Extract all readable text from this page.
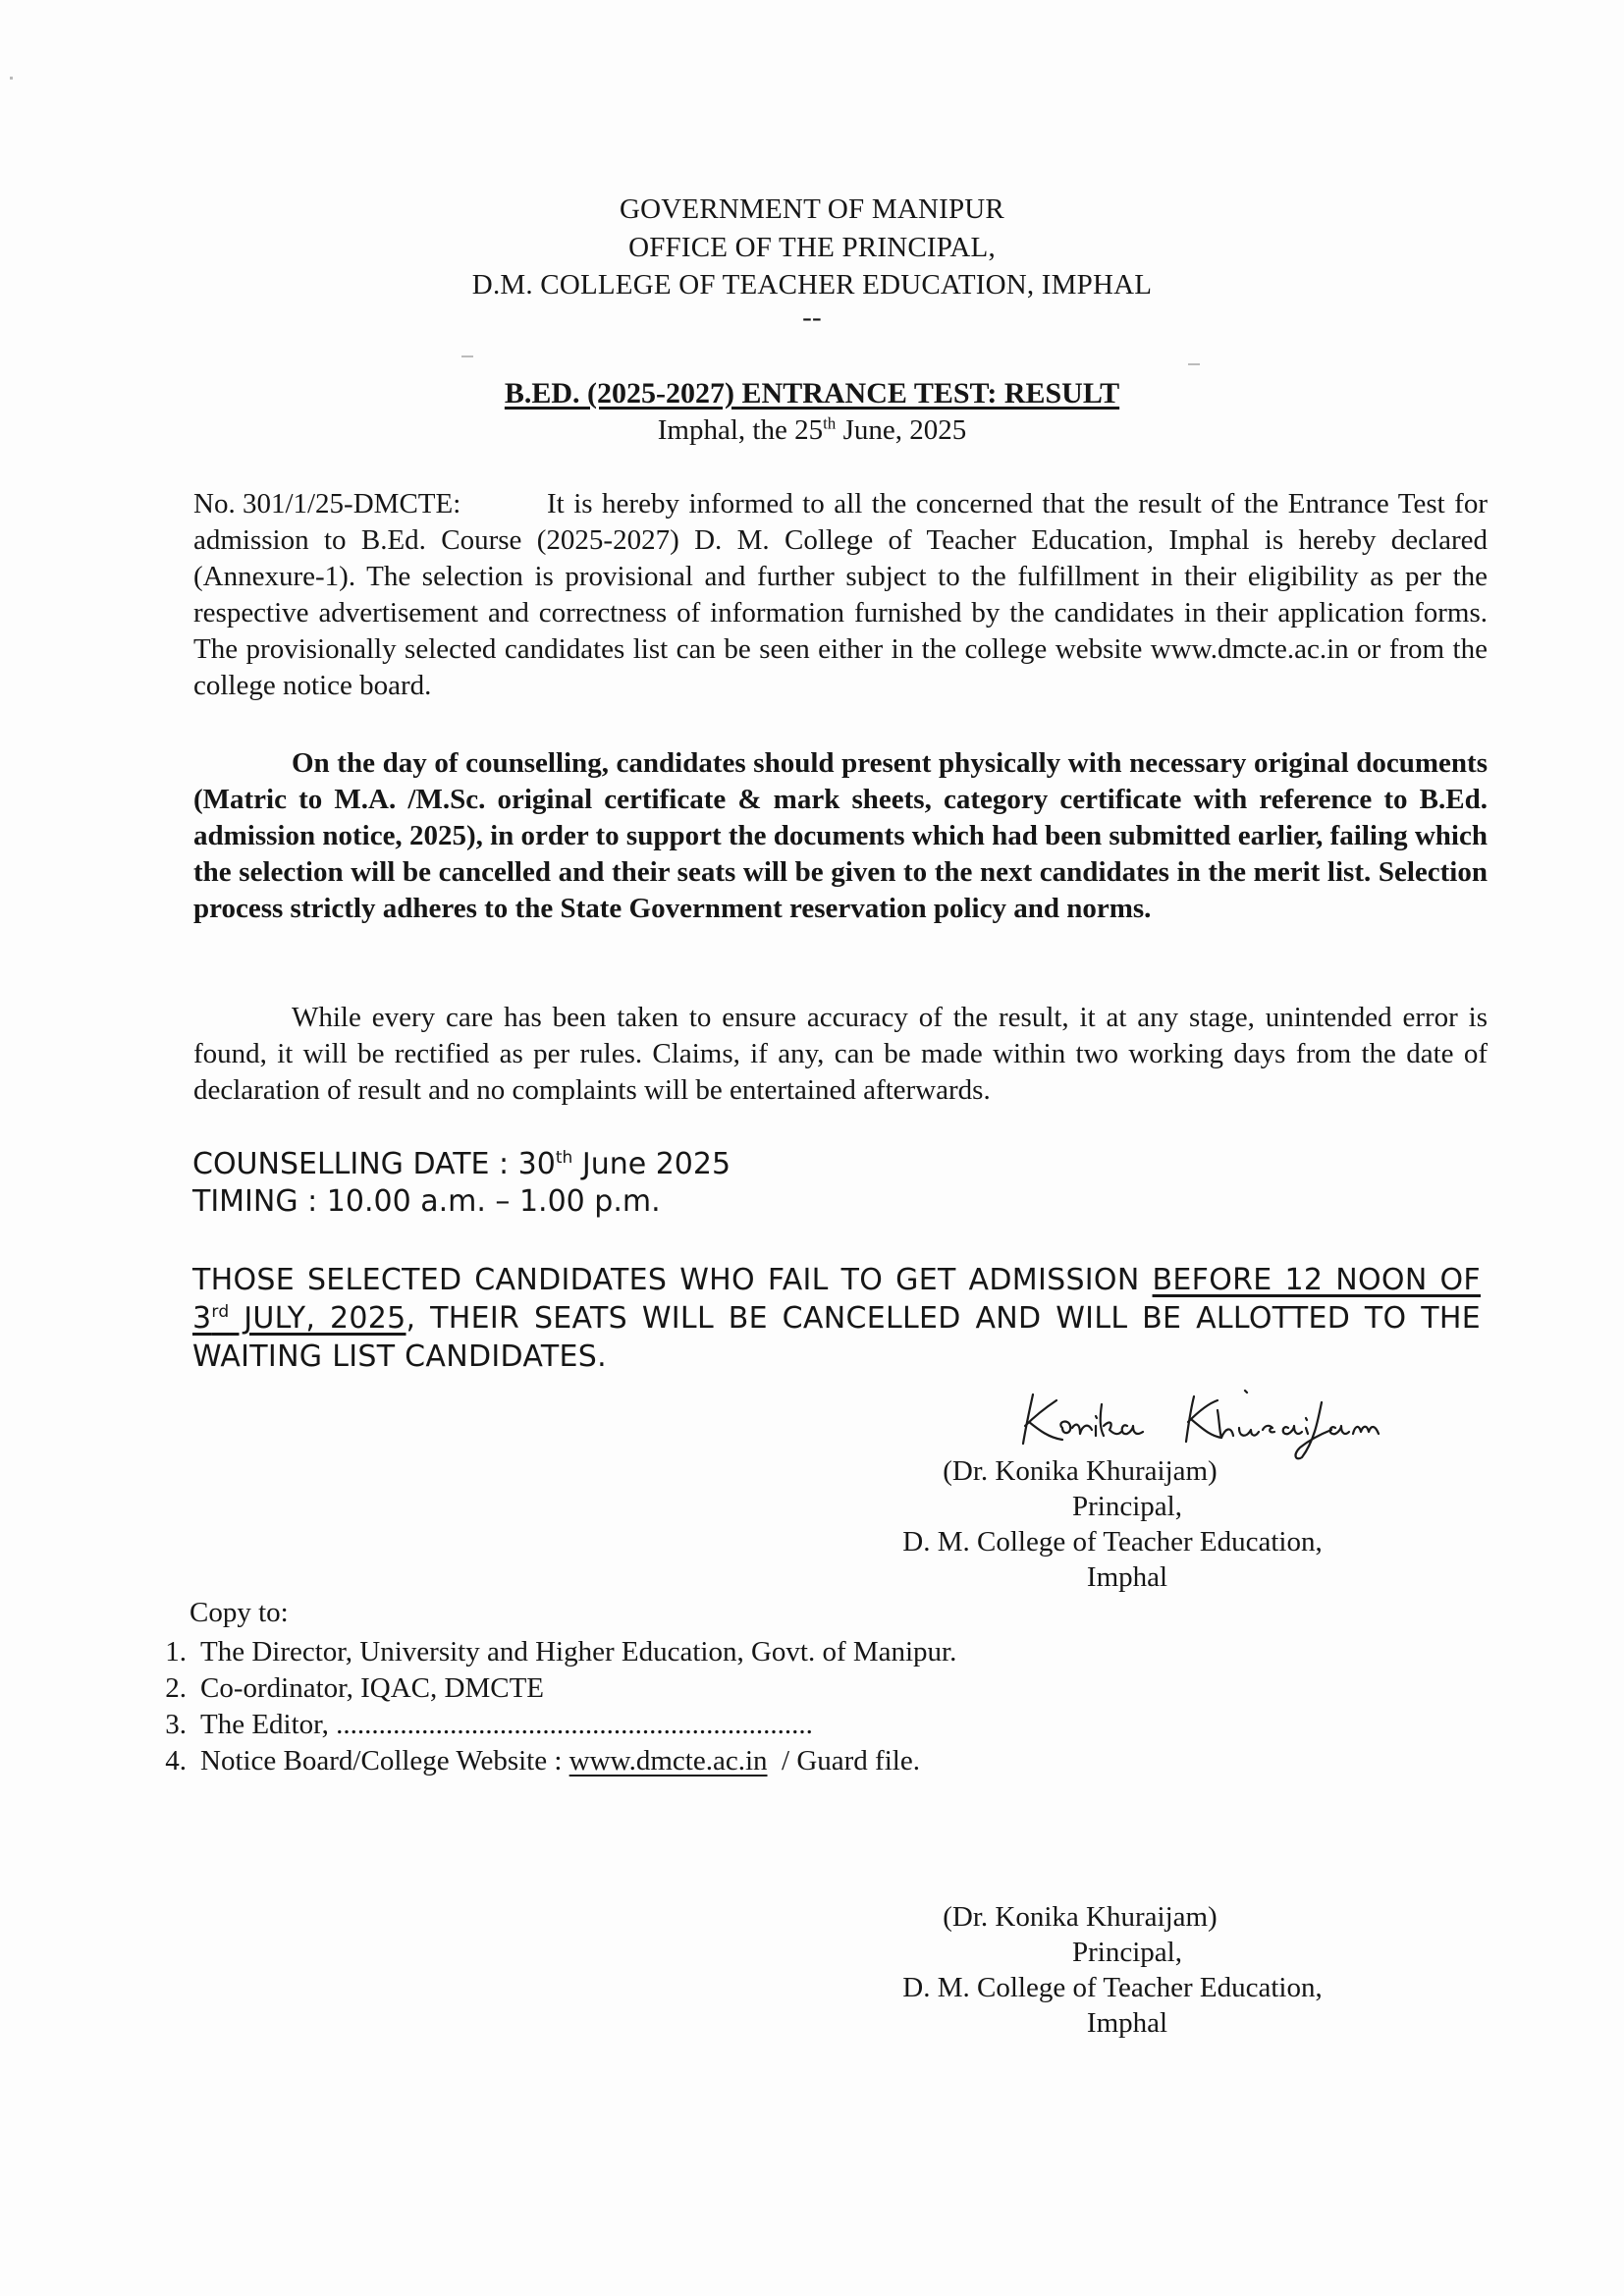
GOVERNMENT OF MANIPUR
OFFICE OF THE PRINCIPAL,
D.M. COLLEGE OF TEACHER EDUCATION, IMPHAL
--
B.ED. (2025-2027) ENTRANCE TEST: RESULT
Imphal, the 25th June, 2025
No. 301/1/25-DMCTE:	It is hereby informed to all the concerned that the result of the Entrance Test for admission to B.Ed. Course (2025-2027) D. M. College of Teacher Education, Imphal is hereby declared (Annexure-1). The selection is provisional and further subject to the fulfillment in their eligibility as per the respective advertisement and correctness of information furnished by the candidates in their application forms. The provisionally selected candidates list can be seen either in the college website www.dmcte.ac.in or from the college notice board.
On the day of counselling, candidates should present physically with necessary original documents (Matric to M.A. /M.Sc. original certificate & mark sheets, category certificate with reference to B.Ed. admission notice, 2025), in order to support the documents which had been submitted earlier, failing which the selection will be cancelled and their seats will be given to the next candidates in the merit list. Selection process strictly adheres to the State Government reservation policy and norms.
While every care has been taken to ensure accuracy of the result, it at any stage, unintended error is found, it will be rectified as per rules. Claims, if any, can be made within two working days from the date of declaration of result and no complaints will be entertained afterwards.
COUNSELLING DATE : 30th June 2025
TIMING : 10.00 a.m. – 1.00 p.m.
THOSE SELECTED CANDIDATES WHO FAIL TO GET ADMISSION BEFORE 12 NOON OF 3rd JULY, 2025, THEIR SEATS WILL BE CANCELLED AND WILL BE ALLOTTED TO THE WAITING LIST CANDIDATES.
(Dr. Konika Khuraijam)
Principal,
D. M. College of Teacher Education,
Imphal
Copy to:
1. The Director, University and Higher Education, Govt. of Manipur.
2. Co-ordinator, IQAC, DMCTE
3. The Editor, ...................................................................
4. Notice Board/College Website : www.dmcte.ac.in  / Guard file.
(Dr. Konika Khuraijam)
Principal,
D. M. College of Teacher Education,
Imphal
